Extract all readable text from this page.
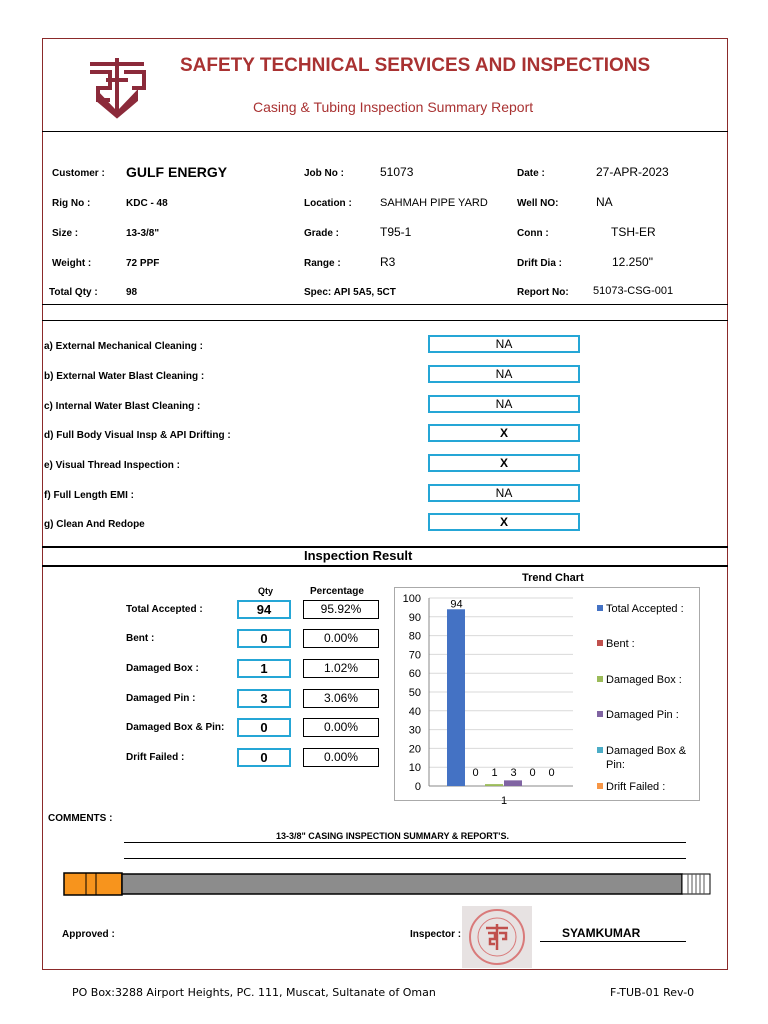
SAFETY TECHNICAL SERVICES AND INSPECTIONS
Casing & Tubing Inspection Summary Report
Customer : GULF ENERGY	Job No :	51073	Date :	27-APR-2023
Rig No :	KDC - 48	Location :	SAHMAH PIPE YARD	Well NO:	NA
Size :	13-3/8"	Grade :	T95-1	Conn :	TSH-ER
Weight :	72 PPF	Range :	R3	Drift Dia :	12.250"
Total Qty :	98	Spec: API 5A5, 5CT	Report No: 51073-CSG-001
a) External Mechanical Cleaning :	NA
b) External Water Blast Cleaning :	NA
c) Internal Water Blast Cleaning :	NA
d) Full Body Visual Insp & API Drifting :	X
e) Visual Thread Inspection :	X
f) Full Length EMI :	NA
g) Clean And Redope	X
Inspection Result
Qty	Percentage
Total Accepted :	94	95.92%
Bent :	0	0.00%
Damaged Box :	1	1.02%
Damaged Pin :	3	3.06%
Damaged Box & Pin:	0	0.00%
Drift Failed :	0	0.00%
Trend Chart
0
10
20
30
40
50
60
70
80
90
100	94
0 1 3 0 0
1
Total Accepted :
Bent :
Damaged Box :
Damaged Pin :
Damaged Box &
Pin:
Drift Failed :
COMMENTS :
13-3/8" CASING INSPECTION SUMMARY & REPORT'S.
Approved :	Inspector :	SYAMKUMAR
PO Box:3288 Airport Heights, PC. 111, Muscat, Sultanate of Oman	F-TUB-01 Rev-0
